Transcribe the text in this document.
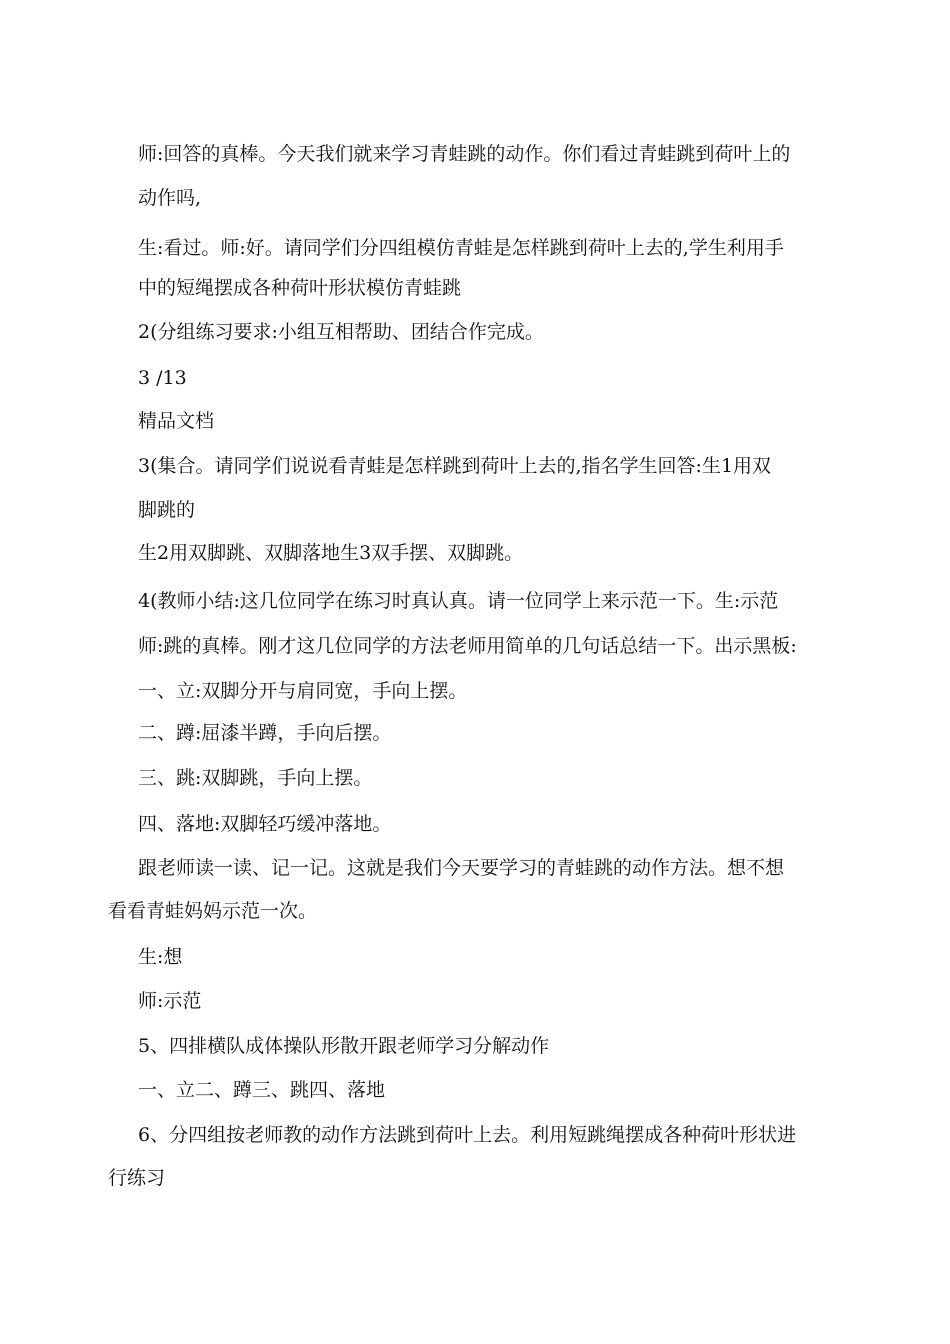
师:回答的真棒。今天我们就来学习青蛙跳的动作。你们看过青蛙跳到荷叶上的

动作吗,

生:看过。师:好。请同学们分四组模仿青蛙是怎样跳到荷叶上去的,学生利用手

中的短绳摆成各种荷叶形状模仿青蛙跳

2(分组练习要求:小组互相帮助、团结合作完成。

3 /13

精品文档

3(集合。请同学们说说看青蛙是怎样跳到荷叶上去的,指名学生回答:生1用双

脚跳的

生2用双脚跳、双脚落地生3双手摆、双脚跳。

4(教师小结:这几位同学在练习时真认真。请一位同学上来示范一下。生:示范

师:跳的真棒。刚才这几位同学的方法老师用简单的几句话总结一下。出示黑板:

一、立:双脚分开与肩同宽，手向上摆。

二、蹲:屈漆半蹲，手向后摆。

三、跳:双脚跳，手向上摆。

四、落地:双脚轻巧缓冲落地。

跟老师读一读、记一记。这就是我们今天要学习的青蛙跳的动作方法。想不想

看看青蛙妈妈示范一次。

生:想

师:示范

5、四排横队成体操队形散开跟老师学习分解动作

一、立二、蹲三、跳四、落地

6、分四组按老师教的动作方法跳到荷叶上去。利用短跳绳摆成各种荷叶形状进

行练习
